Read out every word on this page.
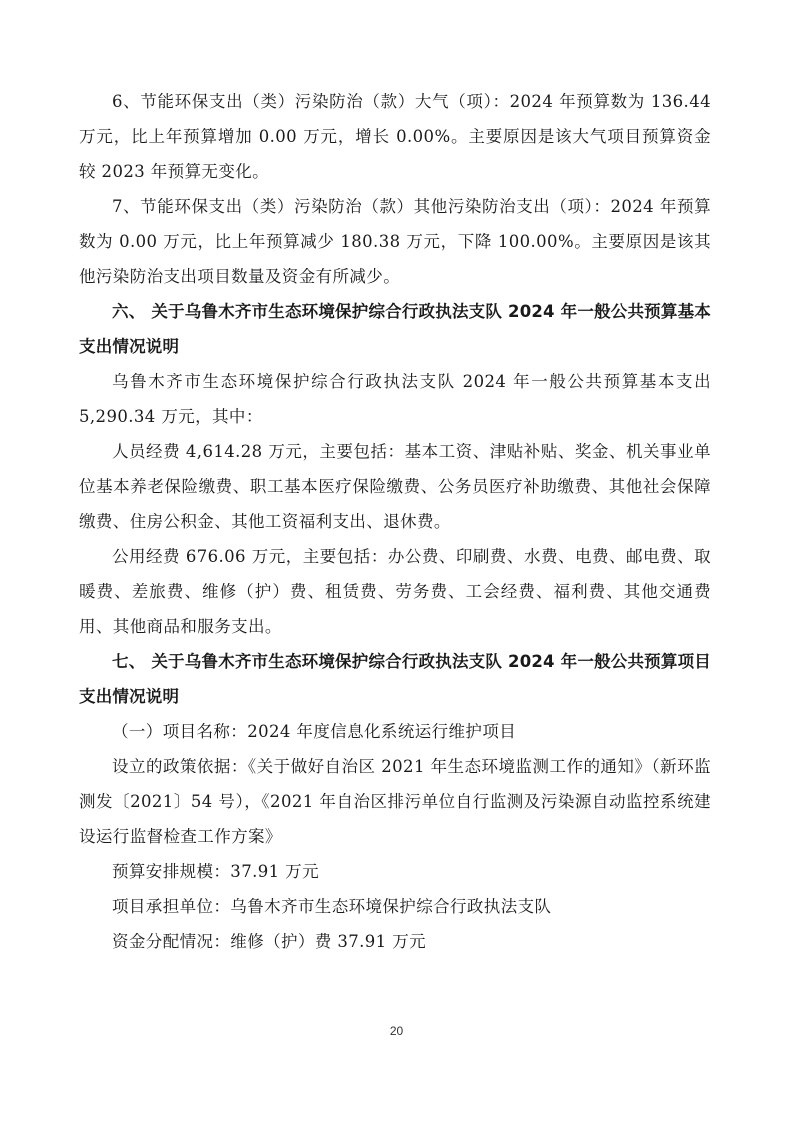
6、节能环保支出（类）污染防治（款）大气（项）：2024 年预算数为 136.44 万元，比上年预算增加 0.00 万元，增长 0.00%。主要原因是该大气项目预算资金较 2023 年预算无变化。

7、节能环保支出（类）污染防治（款）其他污染防治支出（项）：2024 年预算数为 0.00 万元，比上年预算减少 180.38 万元，下降 100.00%。主要原因是该其他污染防治支出项目数量及资金有所减少。

六、 关于乌鲁木齐市生态环境保护综合行政执法支队 2024 年一般公共预算基本支出情况说明

乌鲁木齐市生态环境保护综合行政执法支队 2024 年一般公共预算基本支出 5,290.34 万元，其中：

人员经费 4,614.28 万元，主要包括：基本工资、津贴补贴、奖金、机关事业单位基本养老保险缴费、职工基本医疗保险缴费、公务员医疗补助缴费、其他社会保障缴费、住房公积金、其他工资福利支出、退休费。

公用经费 676.06 万元，主要包括：办公费、印刷费、水费、电费、邮电费、取暖费、差旅费、维修（护）费、租赁费、劳务费、工会经费、福利费、其他交通费用、其他商品和服务支出。

七、 关于乌鲁木齐市生态环境保护综合行政执法支队 2024 年一般公共预算项目支出情况说明

（一）项目名称：2024 年度信息化系统运行维护项目

设立的政策依据：《关于做好自治区 2021 年生态环境监测工作的通知》（新环监测发〔2021〕54 号），《2021 年自治区排污单位自行监测及污染源自动监控系统建设运行监督检查工作方案》

预算安排规模：37.91 万元

项目承担单位：乌鲁木齐市生态环境保护综合行政执法支队

资金分配情况：维修（护）费 37.91 万元

20
